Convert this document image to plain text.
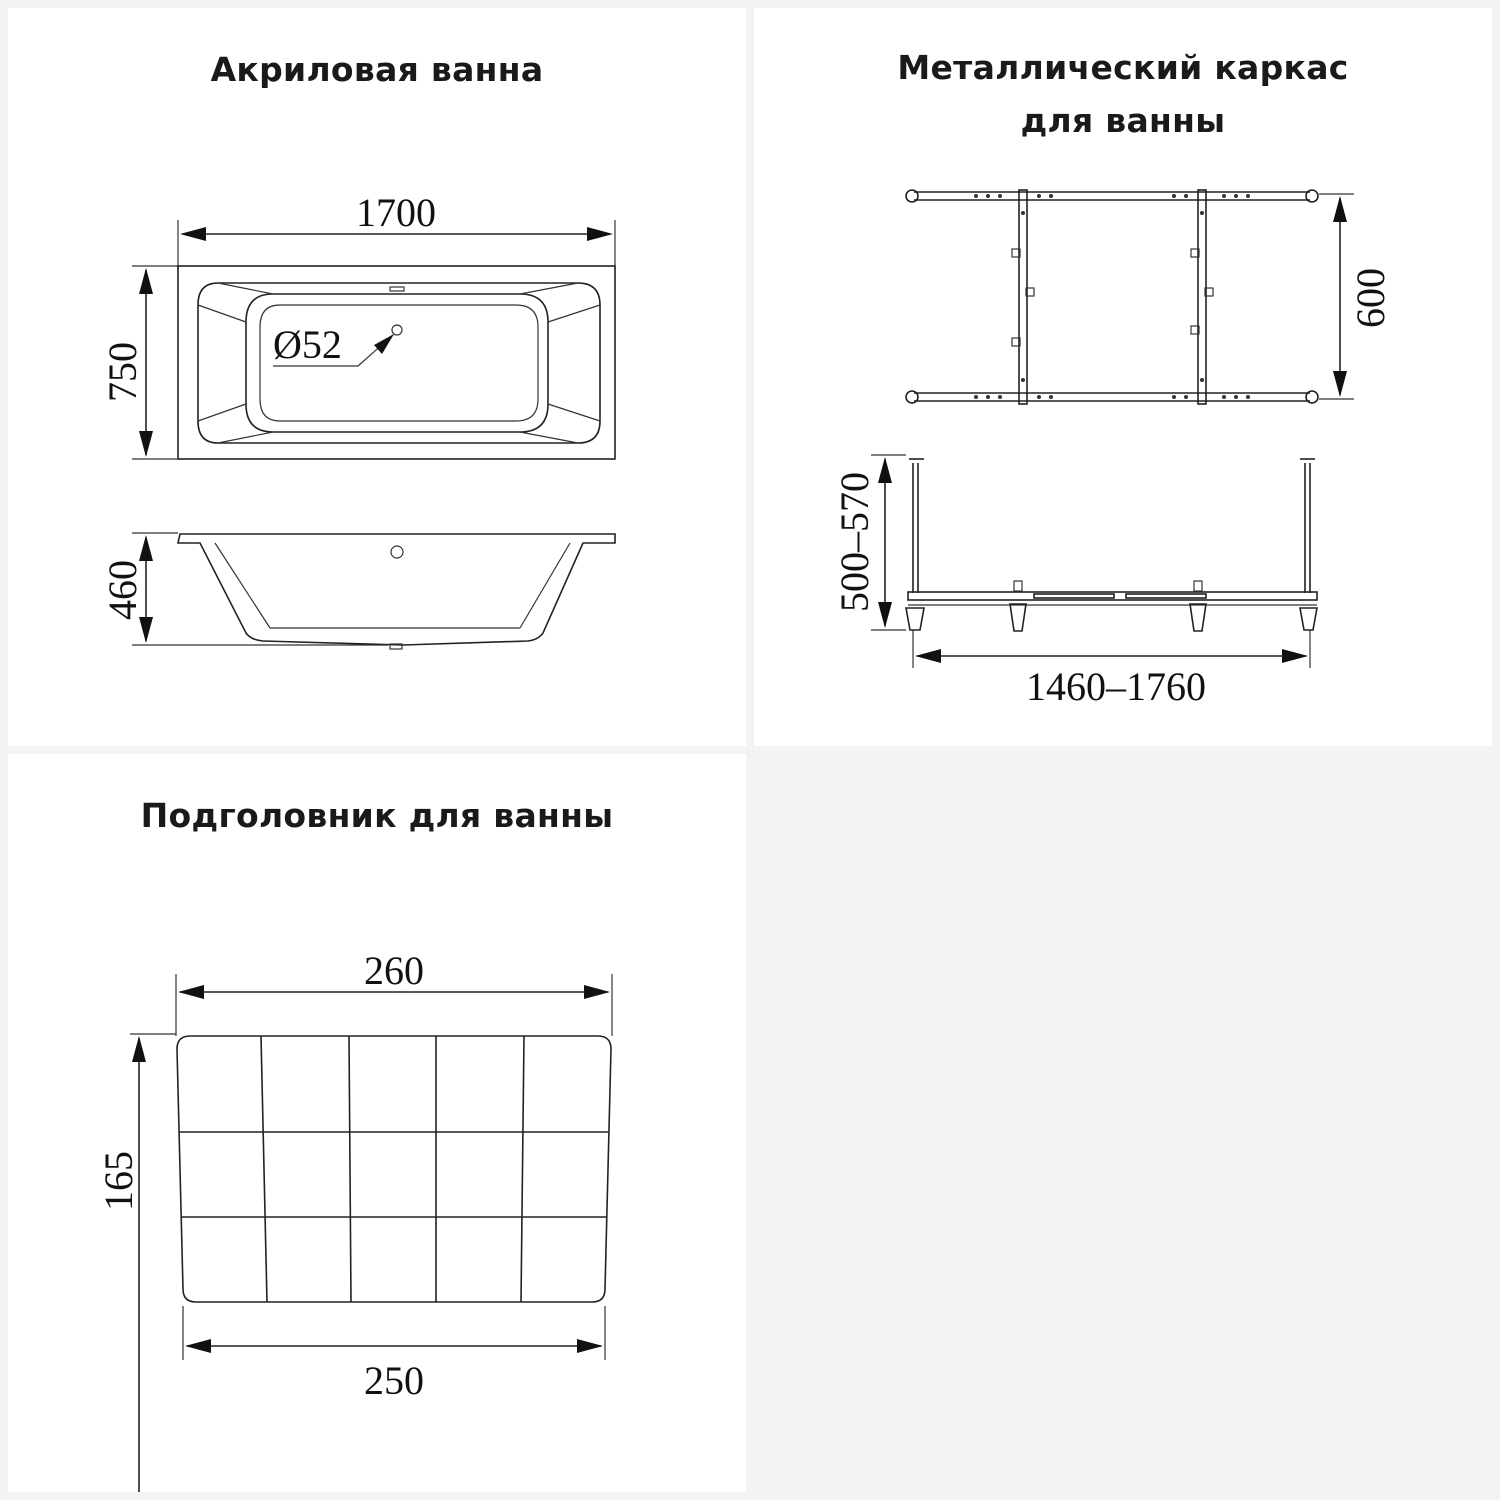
Акриловая ванна
1700
750	Ø52
460
Металлический каркас
для ванны
600
500–570
1460–1760
Подголовник для ванны
260
165
250
